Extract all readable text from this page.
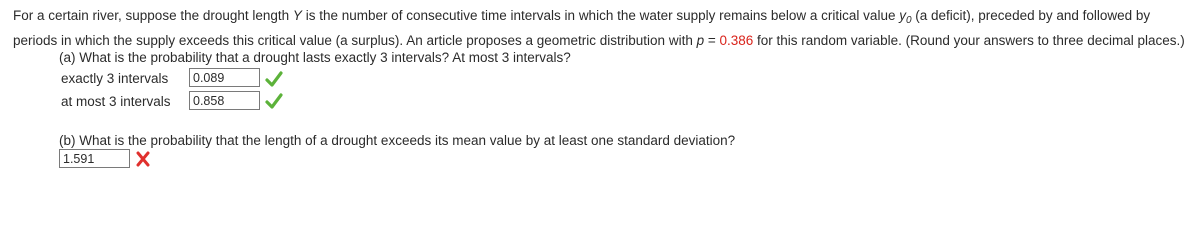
For a certain river, suppose the drought length Y is the number of consecutive time intervals in which the water supply remains below a critical value $y_0$ (a deficit), preceded by and followed by periods in which the supply exceeds this critical value (a surplus). An article proposes a geometric distribution with p = 0.386 for this random variable. (Round your answers to three decimal places.)
(a) What is the probability that a drought lasts exactly 3 intervals? At most 3 intervals?
exactly 3 intervals
0.089
at most 3 intervals
0.858
(b) What is the probability that the length of a drought exceeds its mean value by at least one standard deviation?
1.591
